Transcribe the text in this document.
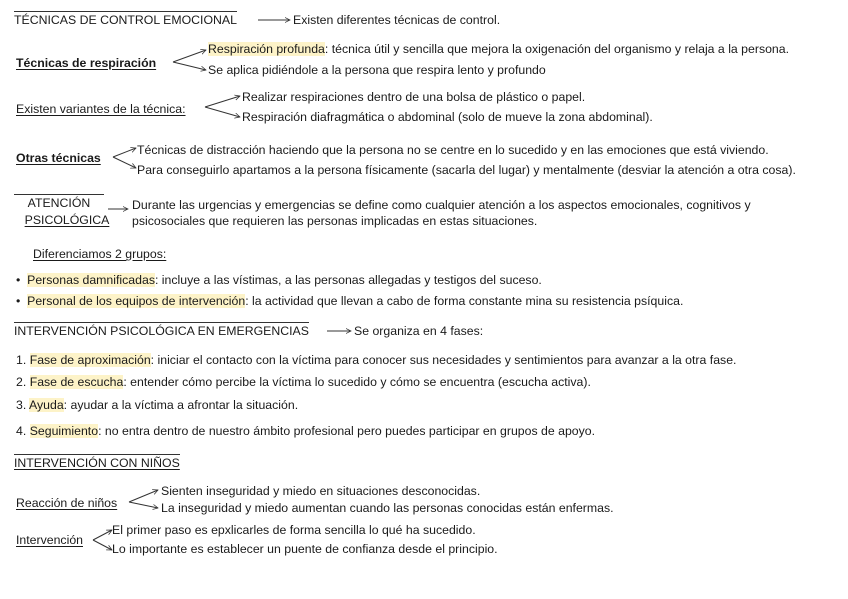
TÉCNICAS DE CONTROL EMOCIONAL	Existen diferentes técnicas de control.
Técnicas de respiración
Respiración profunda: técnica útil y sencilla que mejora la oxigenación del organismo y relaja a la persona.
Se aplica pidiéndole a la persona que respira lento y profundo
Existen variantes de la técnica:
Realizar respiraciones dentro de una bolsa de plástico o papel.
Respiración diafragmática o abdominal (solo de mueve la zona abdominal).
Otras técnicas
Técnicas de distracción haciendo que la persona no se centre en lo sucedido y en las emociones que está viviendo.
Para conseguirlo apartamos a la persona físicamente (sacarla del lugar) y mentalmente (desviar la atención a otra cosa).
ATENCIÓN
PSICOLÓGICA
Durante las urgencias y emergencias se define como cualquier atención a los aspectos emocionales, cognitivos y
psicosociales que requieren las personas implicadas en estas situaciones.
Diferenciamos 2 grupos:
•  Personas damnificadas: incluye a las vístimas, a las personas allegadas y testigos del suceso.
•  Personal de los equipos de intervención: la actividad que llevan a cabo de forma constante mina su resistencia psíquica.
INTERVENCIÓN PSICOLÓGICA EN EMERGENCIAS	Se organiza en 4 fases:
1. Fase de aproximación: iniciar el contacto con la víctima para conocer sus necesidades y sentimientos para avanzar a la otra fase.
2. Fase de escucha: entender cómo percibe la víctima lo sucedido y cómo se encuentra (escucha activa).
3. Ayuda: ayudar a la víctima a afrontar la situación.
4. Seguimiento: no entra dentro de nuestro ámbito profesional pero puedes participar en grupos de apoyo.
INTERVENCIÓN CON NIÑOS
Reacción de niños
Sienten inseguridad y miedo en situaciones desconocidas.
La inseguridad y miedo aumentan cuando las personas conocidas están enfermas.
Intervención
El primer paso es epxlicarles de forma sencilla lo qué ha sucedido.
Lo importante es establecer un puente de confianza desde el principio.
